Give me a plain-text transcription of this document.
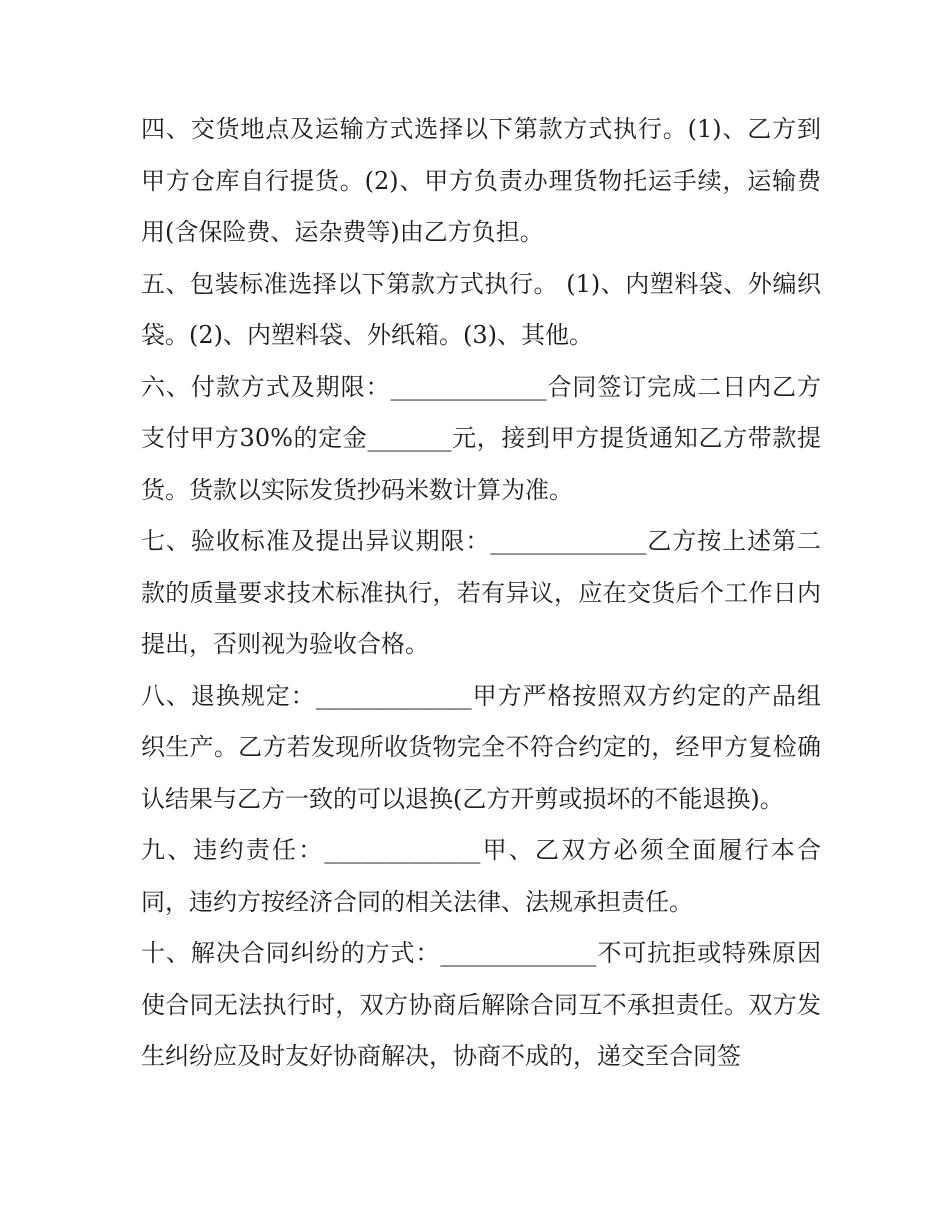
四、交货地点及运输方式选择以下第款方式执行。(1)、乙方到甲方仓库自行提货。(2)、甲方负责办理货物托运手续，运输费用(含保险费、运杂费等)由乙方负担。

五、包装标准选择以下第款方式执行。 (1)、内塑料袋、外编织袋。(2)、内塑料袋、外纸箱。(3)、其他。

六、付款方式及期限：_____________合同签订完成二日内乙方支付甲方30%的定金_______元，接到甲方提货通知乙方带款提货。货款以实际发货抄码米数计算为准。

七、验收标准及提出异议期限：_____________乙方按上述第二款的质量要求技术标准执行，若有异议，应在交货后个工作日内提出，否则视为验收合格。

八、退换规定：_____________甲方严格按照双方约定的产品组织生产。乙方若发现所收货物完全不符合约定的，经甲方复检确认结果与乙方一致的可以退换(乙方开剪或损坏的不能退换)。

九、违约责任：_____________甲、乙双方必须全面履行本合同，违约方按经济合同的相关法律、法规承担责任。

十、解决合同纠纷的方式：_____________不可抗拒或特殊原因使合同无法执行时，双方协商后解除合同互不承担责任。双方发生纠纷应及时友好协商解决，协商不成的，递交至合同签
